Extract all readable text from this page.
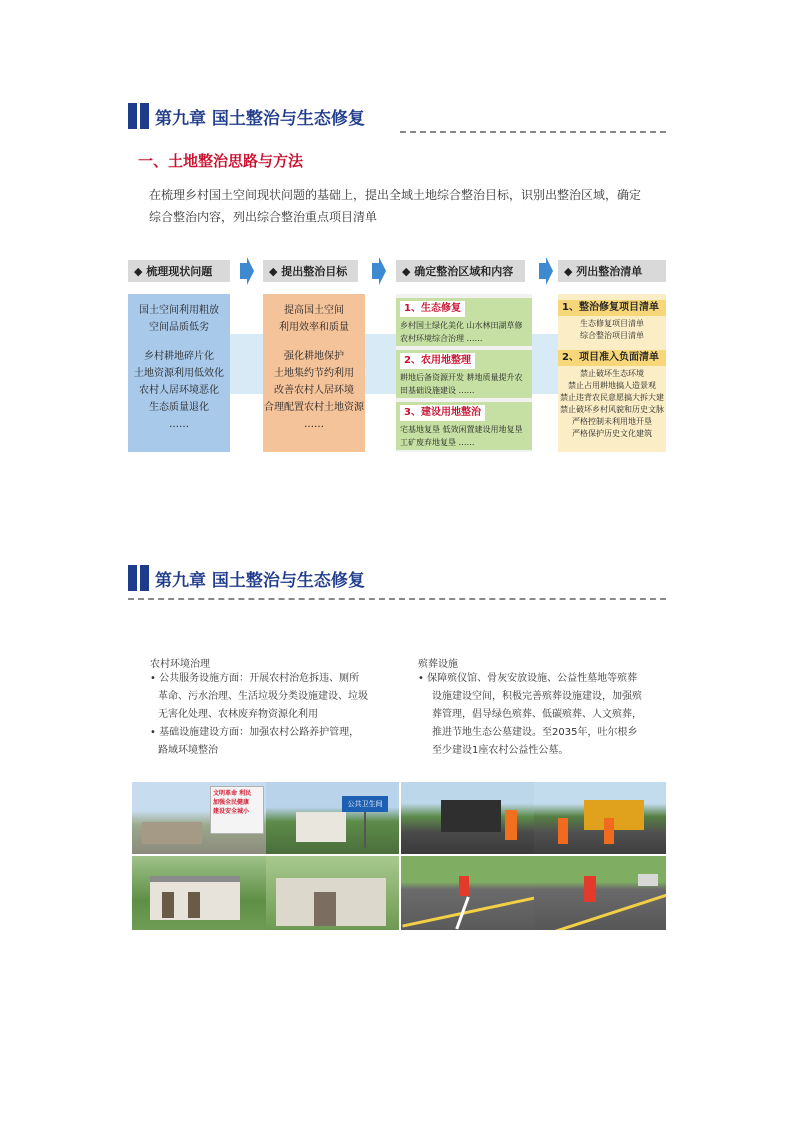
第九章 国土整治与生态修复
一、土地整治思路与方法
在梳理乡村国土空间现状问题的基础上，提出全域土地综合整治目标，识别出整治区域，确定综合整治内容，列出综合整治重点项目清单
◆ 梳理现状问题	◆ 提出整治目标	◆ 确定整治区域和内容	◆ 列出整治清单
国土空间利用粗放
空间品质低劣
乡村耕地碎片化
土地资源利用低效化
农村人居环境恶化
生态质量退化
……
提高国土空间
利用效率和质量
强化耕地保护
土地集约节约利用
改善农村人居环境
合理配置农村土地资源
……
1、生态修复
乡村国土绿化美化 山水林田湖草修
农村环境综合治理 ……
2、农用地整理
耕地后备资源开发 耕地质量提升农
田基础设施建设 ……
3、建设用地整治
宅基地复垦 低效闲置建设用地复垦
工矿废弃地复垦 ……
1、整治修复项目清单
生态修复项目清单
综合整治项目清单
2、项目准入负面清单
禁止破坏生态环境
禁止占用耕地搞人造景观
禁止违背农民意愿搞大拆大建
禁止破坏乡村风貌和历史文脉
严格控制未利用地开垦
严格保护历史文化建筑
第九章 国土整治与生态修复
农村环境治理
• 公共服务设施方面：开展农村治危拆违、厕所
革命、污水治理、生活垃圾分类设施建设、垃圾
无害化处理、农林废弃物资源化利用
• 基础设施建设方面：加强农村公路养护管理，
路域环境整治
殡葬设施
• 保障殡仪馆、骨灰安放设施、公益性墓地等殡葬
设施建设空间，积极完善殡葬设施建设，加强殡
葬管理，倡导绿色殡葬、低碳殡葬、人文殡葬，
推进节地生态公墓建设。至2035年，吐尔根乡
至少建设1座农村公益性公墓。
文明革命 利民
加强全民健康
建设安全城小
公共卫生间
